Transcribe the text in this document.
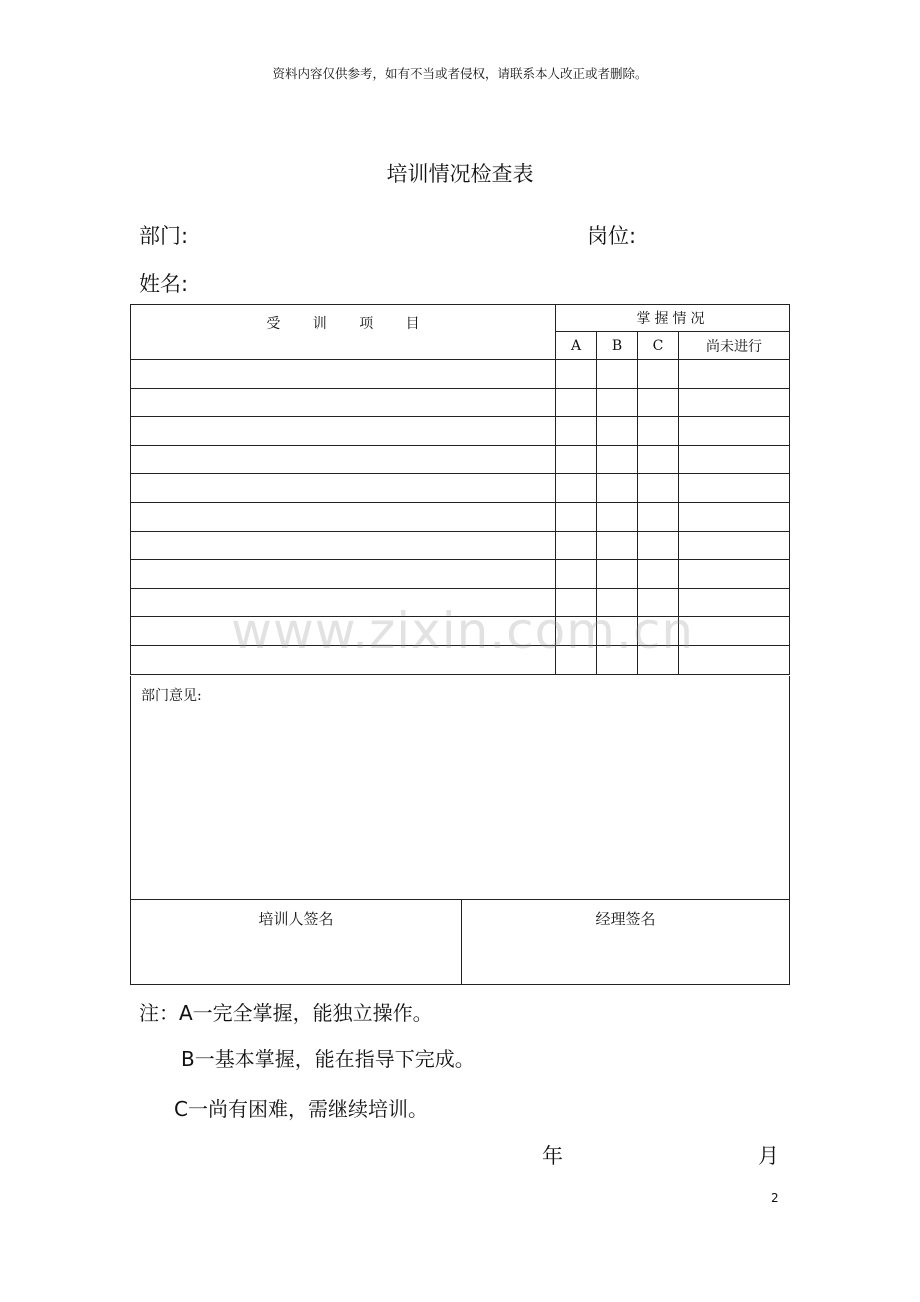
资料内容仅供参考，如有不当或者侵权，请联系本人改正或者删除。
培训情况检查表
部门:	岗位:
姓名:
受 训 项 目	掌握情况			
	A	B	C	尚未进行

部门意见:
培训人签名	经理签名
注：A一完全掌握，能独立操作。
B一基本掌握，能在指导下完成。
C一尚有困难，需继续培训。
年	月
2
www.zixin.com.cn
